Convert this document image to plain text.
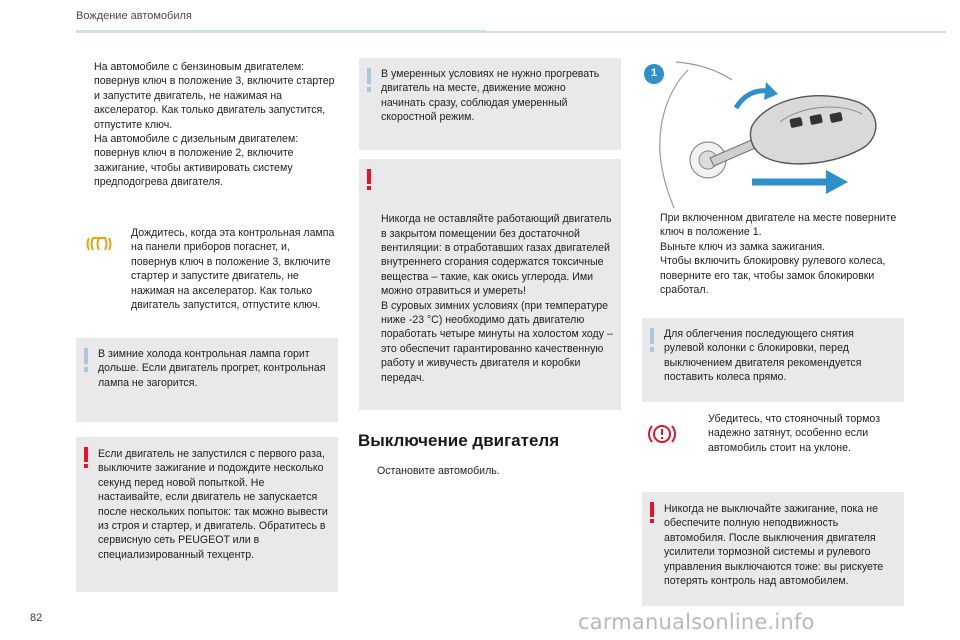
Вождение автомобиля

На автомобиле с бензиновым двигателем: повернув ключ в положение 3, включите стартер и запустите двигатель, не нажимая на акселератор. Как только двигатель запустится, отпустите ключ.

На автомобиле с дизельным двигателем: повернув ключ в положение 2, включите зажигание, чтобы активировать систему предподогрева двигателя.

Дождитесь, когда эта контрольная лампа на панели приборов погаснет, и, повернув ключ в положение 3, включите стартер и запустите двигатель, не нажимая на акселератор. Как только двигатель запустится, отпустите ключ.
В зимние холода контрольная лампа горит дольше. Если двигатель прогрет, контрольная лампа не загорится.
Если двигатель не запустился с первого раза, выключите зажигание и подождите несколько секунд перед новой попыткой. Не настаивайте, если двигатель не запускается после нескольких попыток: так можно вывести из строя и стартер, и двигатель. Обратитесь в сервисную сеть PEUGEOT или в специализированный техцентр.
В умеренных условиях не нужно прогревать двигатель на месте, движение можно начинать сразу, соблюдая умеренный скоростной режим.

Никогда не оставляйте работающий двигатель в закрытом помещении без достаточной вентиляции: в отработавших газах двигателей внутреннего сгорания содержатся токсичные вещества – такие, как окись углерода. Ими можно отравиться и умереть!
В суровых зимних условиях (при температуре ниже -23 °C) необходимо дать двигателю поработать четыре минуты на холостом ходу – это обеспечит гарантированно качественную работу и живучесть двигателя и коробки передач.

Выключение двигателя

Остановите автомобиль.

1

При включенном двигателе на месте поверните ключ в положение 1.

Выньте ключ из замка зажигания.

Чтобы включить блокировку рулевого колеса, поверните его так, чтобы замок блокировки сработал.

Для облегчения последующего снятия рулевой колонки с блокировки, перед выключением двигателя рекомендуется поставить колеса прямо.

Убедитесь, что стояночный тормоз надежно затянут, особенно если автомобиль стоит на уклоне.

Никогда не выключайте зажигание, пока не обеспечите полную неподвижность автомобиля. После выключения двигателя усилители тормозной системы и рулевого управления выключаются тоже: вы рискуете потерять контроль над автомобилем.
82	carmanualsonline.info
